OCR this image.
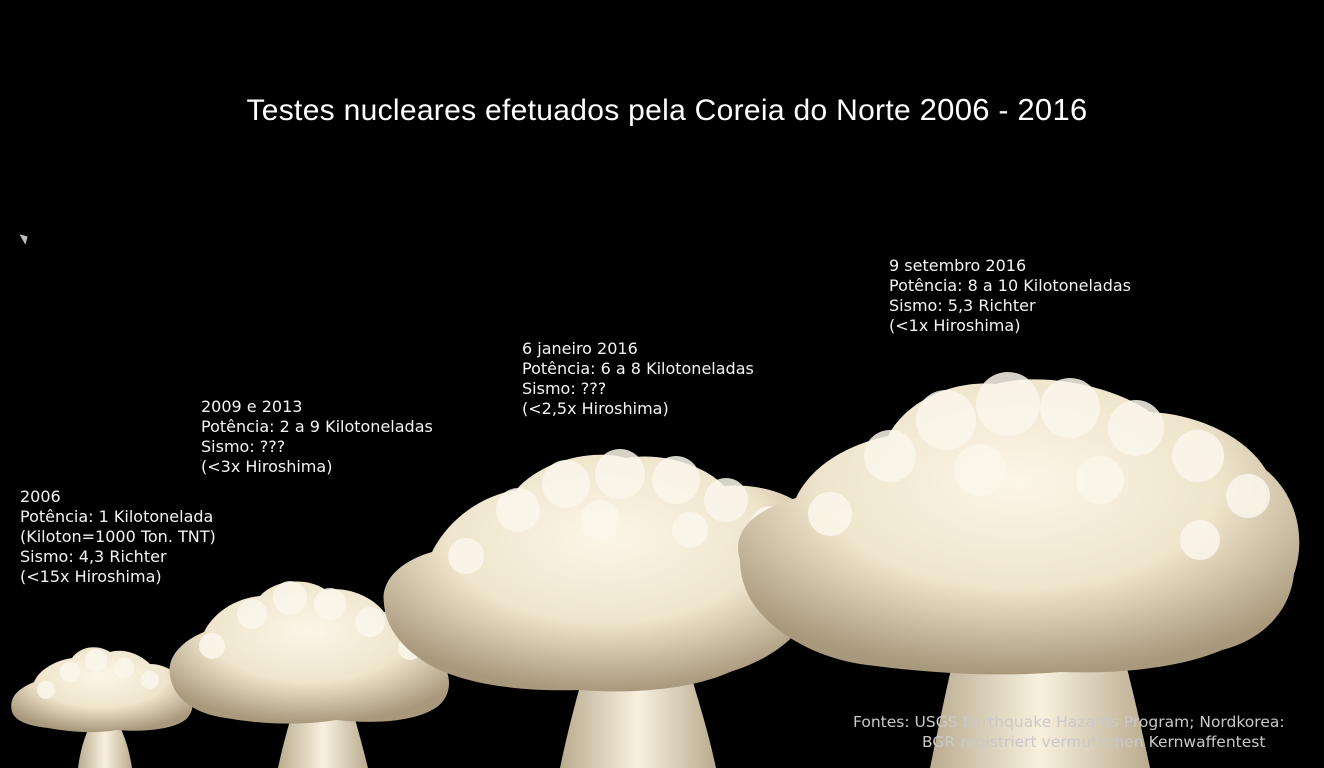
Testes nucleares efetuados pela Coreia do Norte 2006 - 2016
2006
Potência: 1 Kilotonelada
(Kiloton=1000 Ton. TNT)
Sismo: 4,3 Richter
(<15x Hiroshima)
2009 e 2013
Potência: 2 a 9 Kilotoneladas
Sismo: ???
(<3x Hiroshima)
6 janeiro 2016
Potência: 6 a 8 Kilotoneladas
Sismo: ???
(<2,5x Hiroshima)
9 setembro 2016
Potência: 8 a 10 Kilotoneladas
Sismo: 5,3 Richter
(<1x Hiroshima)
Fontes: USGS Earthquake Hazards Program; Nordkorea:
BGR registriert vermutlichen Kernwaffentest
